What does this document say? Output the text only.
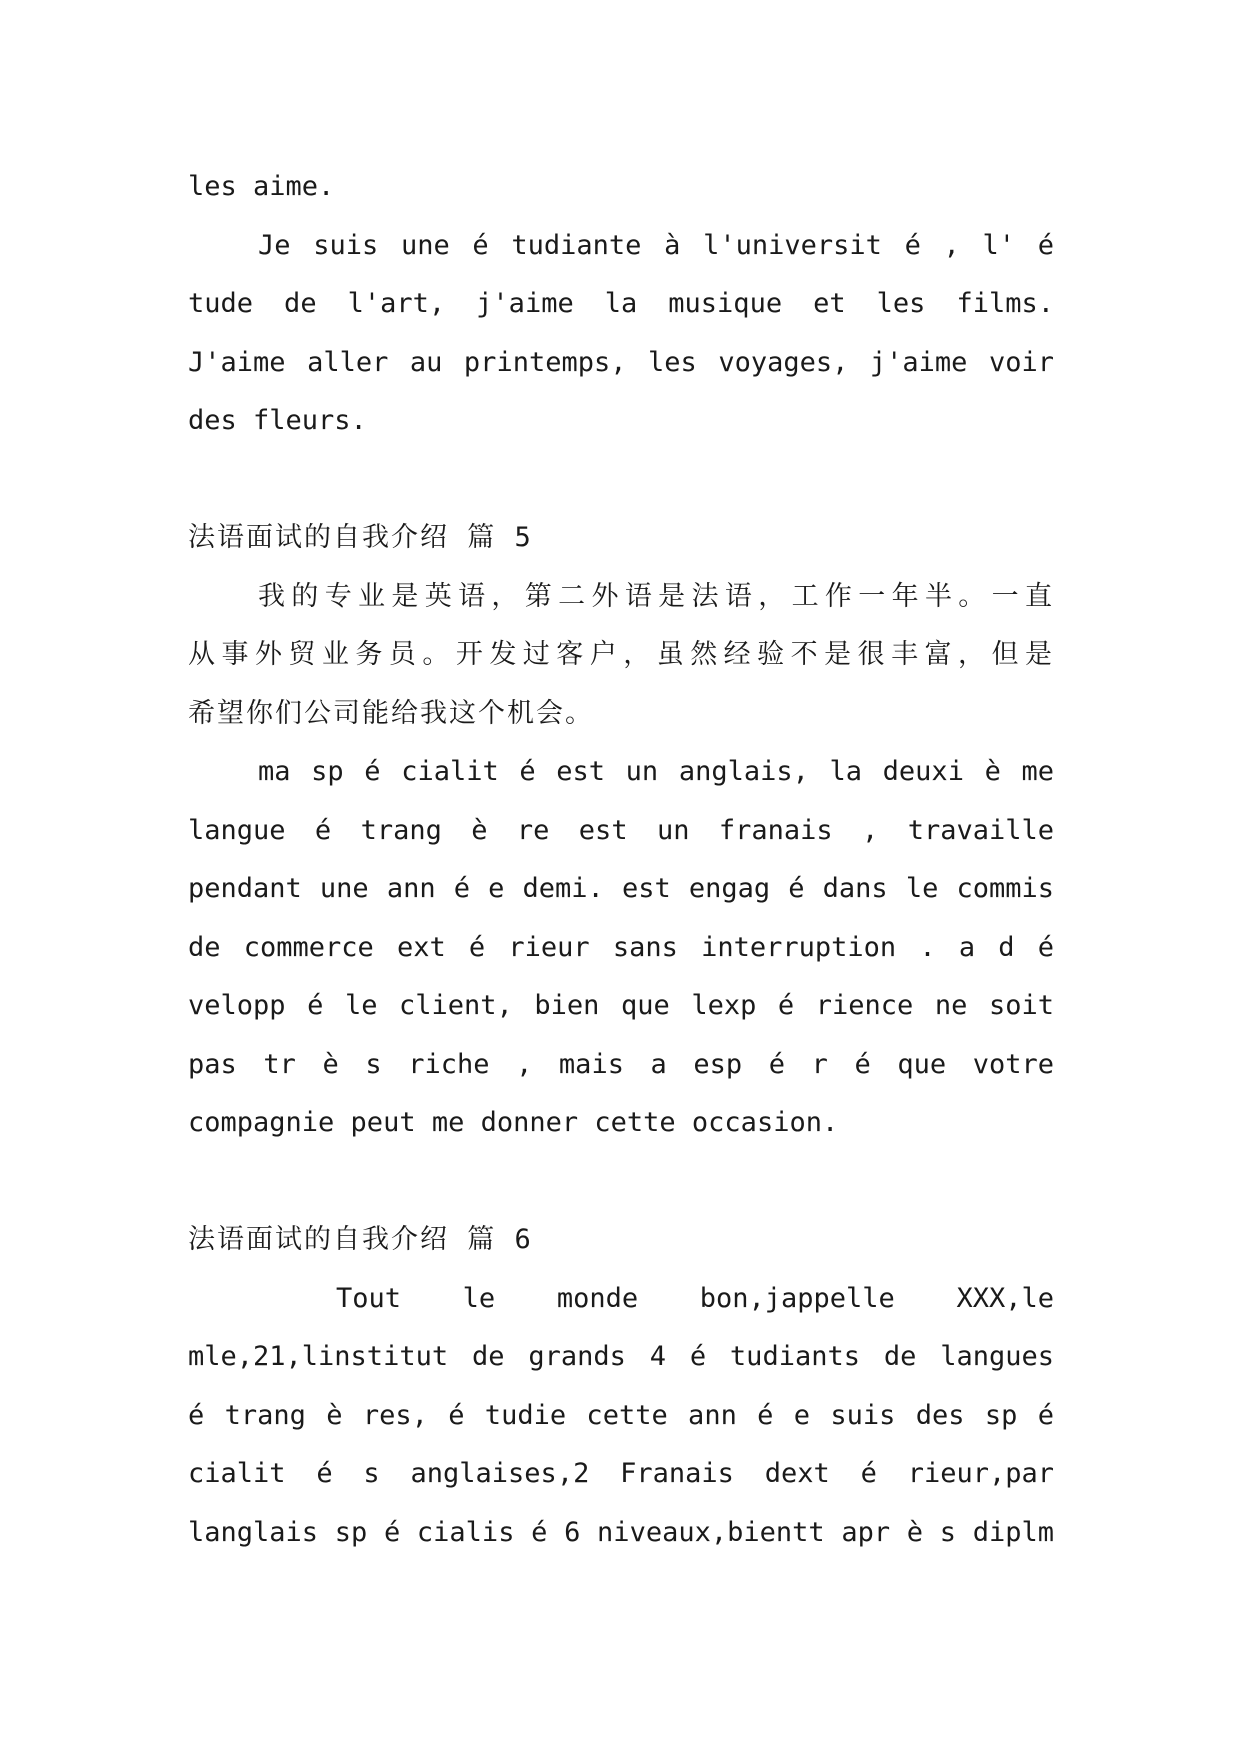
les aime.
Je suis une é tudiante à l'universit é , l' é
tude de l'art, j'aime la musique et les films.
J'aime aller au printemps, les voyages, j'aime voir
des fleurs.
法语面试的自我介绍 篇 5
我的专业是英语，第二外语是法语，工作一年半。一直
从事外贸业务员。开发过客户，虽然经验不是很丰富，但是
希望你们公司能给我这个机会。
ma sp é cialit é est un anglais, la deuxi è me
langue é trang è re est un franais , travaille
pendant une ann é e demi. est engag é dans le commis
de commerce ext é rieur sans interruption . a d é
velopp é le client, bien que lexp é rience ne soit
pas tr è s riche , mais a esp é r é que votre
compagnie peut me donner cette occasion.
法语面试的自我介绍 篇 6
Tout le monde bon,jappelle XXX,le
mle,21,linstitut de grands 4 é tudiants de langues
é trang è res, é tudie cette ann é e suis des sp é
cialit é s anglaises,2 Franais dext é rieur,par
langlais sp é cialis é 6 niveaux,bientt apr è s diplm
